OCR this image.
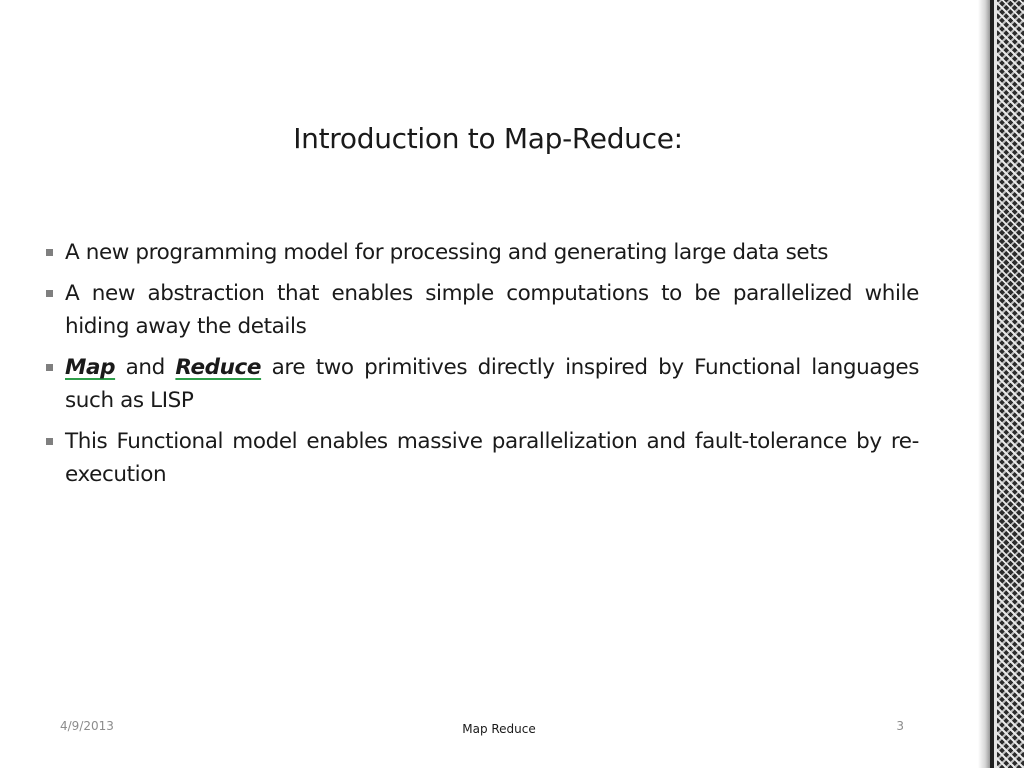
Introduction to Map-Reduce:
A new programming model for processing and generating large data sets
A new abstraction that enables simple computations to be parallelized while hiding away the details
Map and Reduce are two primitives directly inspired by Functional languages such as LISP
This Functional model enables massive parallelization and fault-tolerance by re-execution
4/9/2013	Map Reduce	3
